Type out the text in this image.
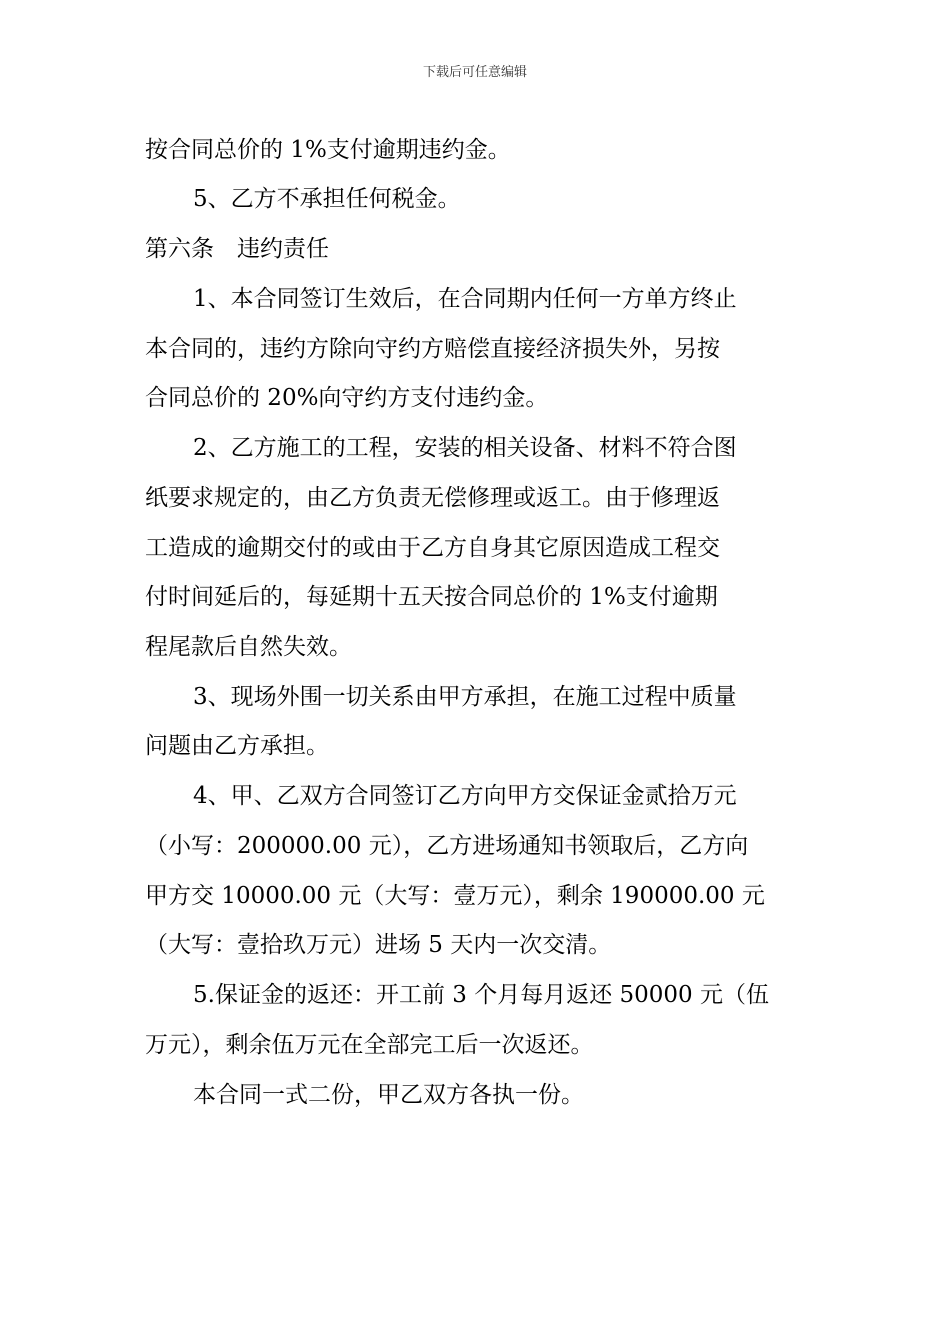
下载后可任意编辑
按合同总价的 1%支付逾期违约金。
5、乙方不承担任何税金。
第六条　违约责任
1、本合同签订生效后，在合同期内任何一方单方终止
本合同的，违约方除向守约方赔偿直接经济损失外，另按
合同总价的 20%向守约方支付违约金。
2、乙方施工的工程，安装的相关设备、材料不符合图
纸要求规定的，由乙方负责无偿修理或返工。由于修理返
工造成的逾期交付的或由于乙方自身其它原因造成工程交
付时间延后的，每延期十五天按合同总价的 1%支付逾期
程尾款后自然失效。
3、现场外围一切关系由甲方承担，在施工过程中质量
问题由乙方承担。
4、甲、乙双方合同签订乙方向甲方交保证金贰拾万元
（小写：200000.00 元），乙方进场通知书领取后，乙方向
甲方交 10000.00 元（大写：壹万元），剩余 190000.00 元
（大写：壹拾玖万元）进场 5 天内一次交清。
5.保证金的返还：开工前 3 个月每月返还 50000 元（伍
万元），剩余伍万元在全部完工后一次返还。
本合同一式二份，甲乙双方各执一份。
